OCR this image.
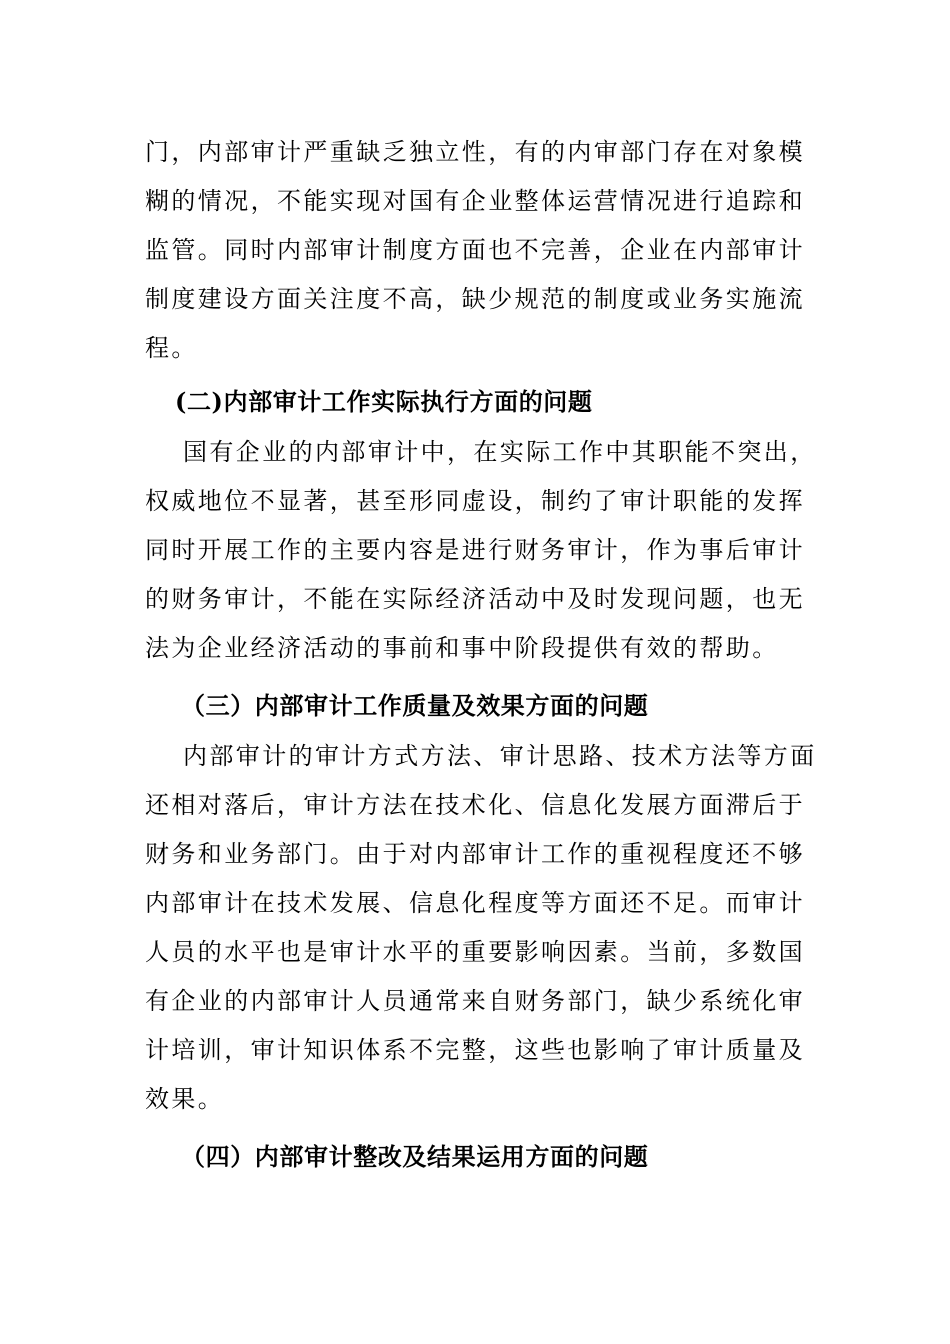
门，内部审计严重缺乏独立性，有的内审部门存在对象模
糊的情况，不能实现对国有企业整体运营情况进行追踪和
监管。同时内部审计制度方面也不完善，企业在内部审计
制度建设方面关注度不高，缺少规范的制度或业务实施流
程。
(二)内部审计工作实际执行方面的问题
国有企业的内部审计中，在实际工作中其职能不突出，
权威地位不显著，甚至形同虚设，制约了审计职能的发挥
同时开展工作的主要内容是进行财务审计，作为事后审计
的财务审计，不能在实际经济活动中及时发现问题，也无
法为企业经济活动的事前和事中阶段提供有效的帮助。
（三）内部审计工作质量及效果方面的问题
内部审计的审计方式方法、审计思路、技术方法等方面
还相对落后，审计方法在技术化、信息化发展方面滞后于
财务和业务部门。由于对内部审计工作的重视程度还不够
内部审计在技术发展、信息化程度等方面还不足。而审计
人员的水平也是审计水平的重要影响因素。当前，多数国
有企业的内部审计人员通常来自财务部门，缺少系统化审
计培训，审计知识体系不完整，这些也影响了审计质量及
效果。
（四）内部审计整改及结果运用方面的问题
